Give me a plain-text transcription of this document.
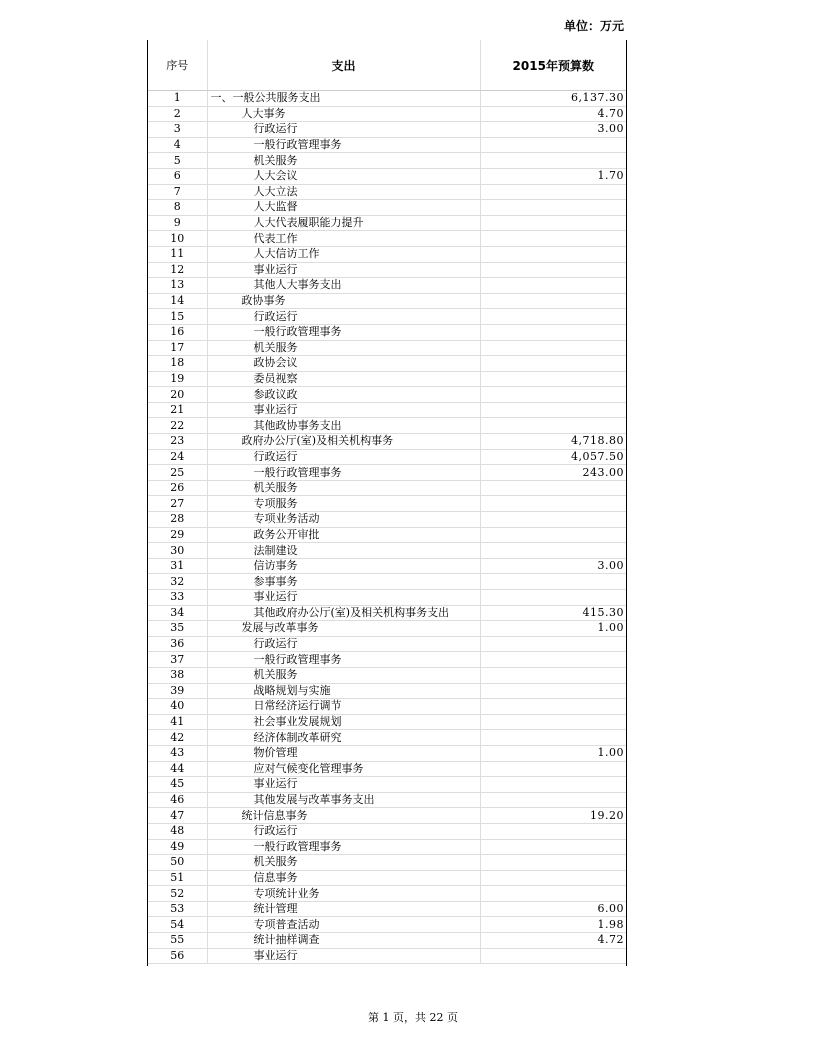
单位：万元
序号	支出	2015年预算数
1	一、一般公共服务支出	6,137.30
2	人大事务	4.70
3	行政运行	3.00
4	一般行政管理事务	
5	机关服务	
6	人大会议	1.70
7	人大立法	
8	人大监督	
9	人大代表履职能力提升	
10	代表工作	
11	人大信访工作	
12	事业运行	
13	其他人大事务支出	
14	政协事务	
15	行政运行	
16	一般行政管理事务	
17	机关服务	
18	政协会议	
19	委员视察	
20	参政议政	
21	事业运行	
22	其他政协事务支出	
23	政府办公厅(室)及相关机构事务	4,718.80
24	行政运行	4,057.50
25	一般行政管理事务	243.00
26	机关服务	
27	专项服务	
28	专项业务活动	
29	政务公开审批	
30	法制建设	
31	信访事务	3.00
32	参事事务	
33	事业运行	
34	其他政府办公厅(室)及相关机构事务支出	415.30
35	发展与改革事务	1.00
36	行政运行	
37	一般行政管理事务	
38	机关服务	
39	战略规划与实施	
40	日常经济运行调节	
41	社会事业发展规划	
42	经济体制改革研究	
43	物价管理	1.00
44	应对气候变化管理事务	
45	事业运行	
46	其他发展与改革事务支出	
47	统计信息事务	19.20
48	行政运行	
49	一般行政管理事务	
50	机关服务	
51	信息事务	
52	专项统计业务	
53	统计管理	6.00
54	专项普查活动	1.98
55	统计抽样调查	4.72
56	事业运行	
第 1 页，共 22 页
